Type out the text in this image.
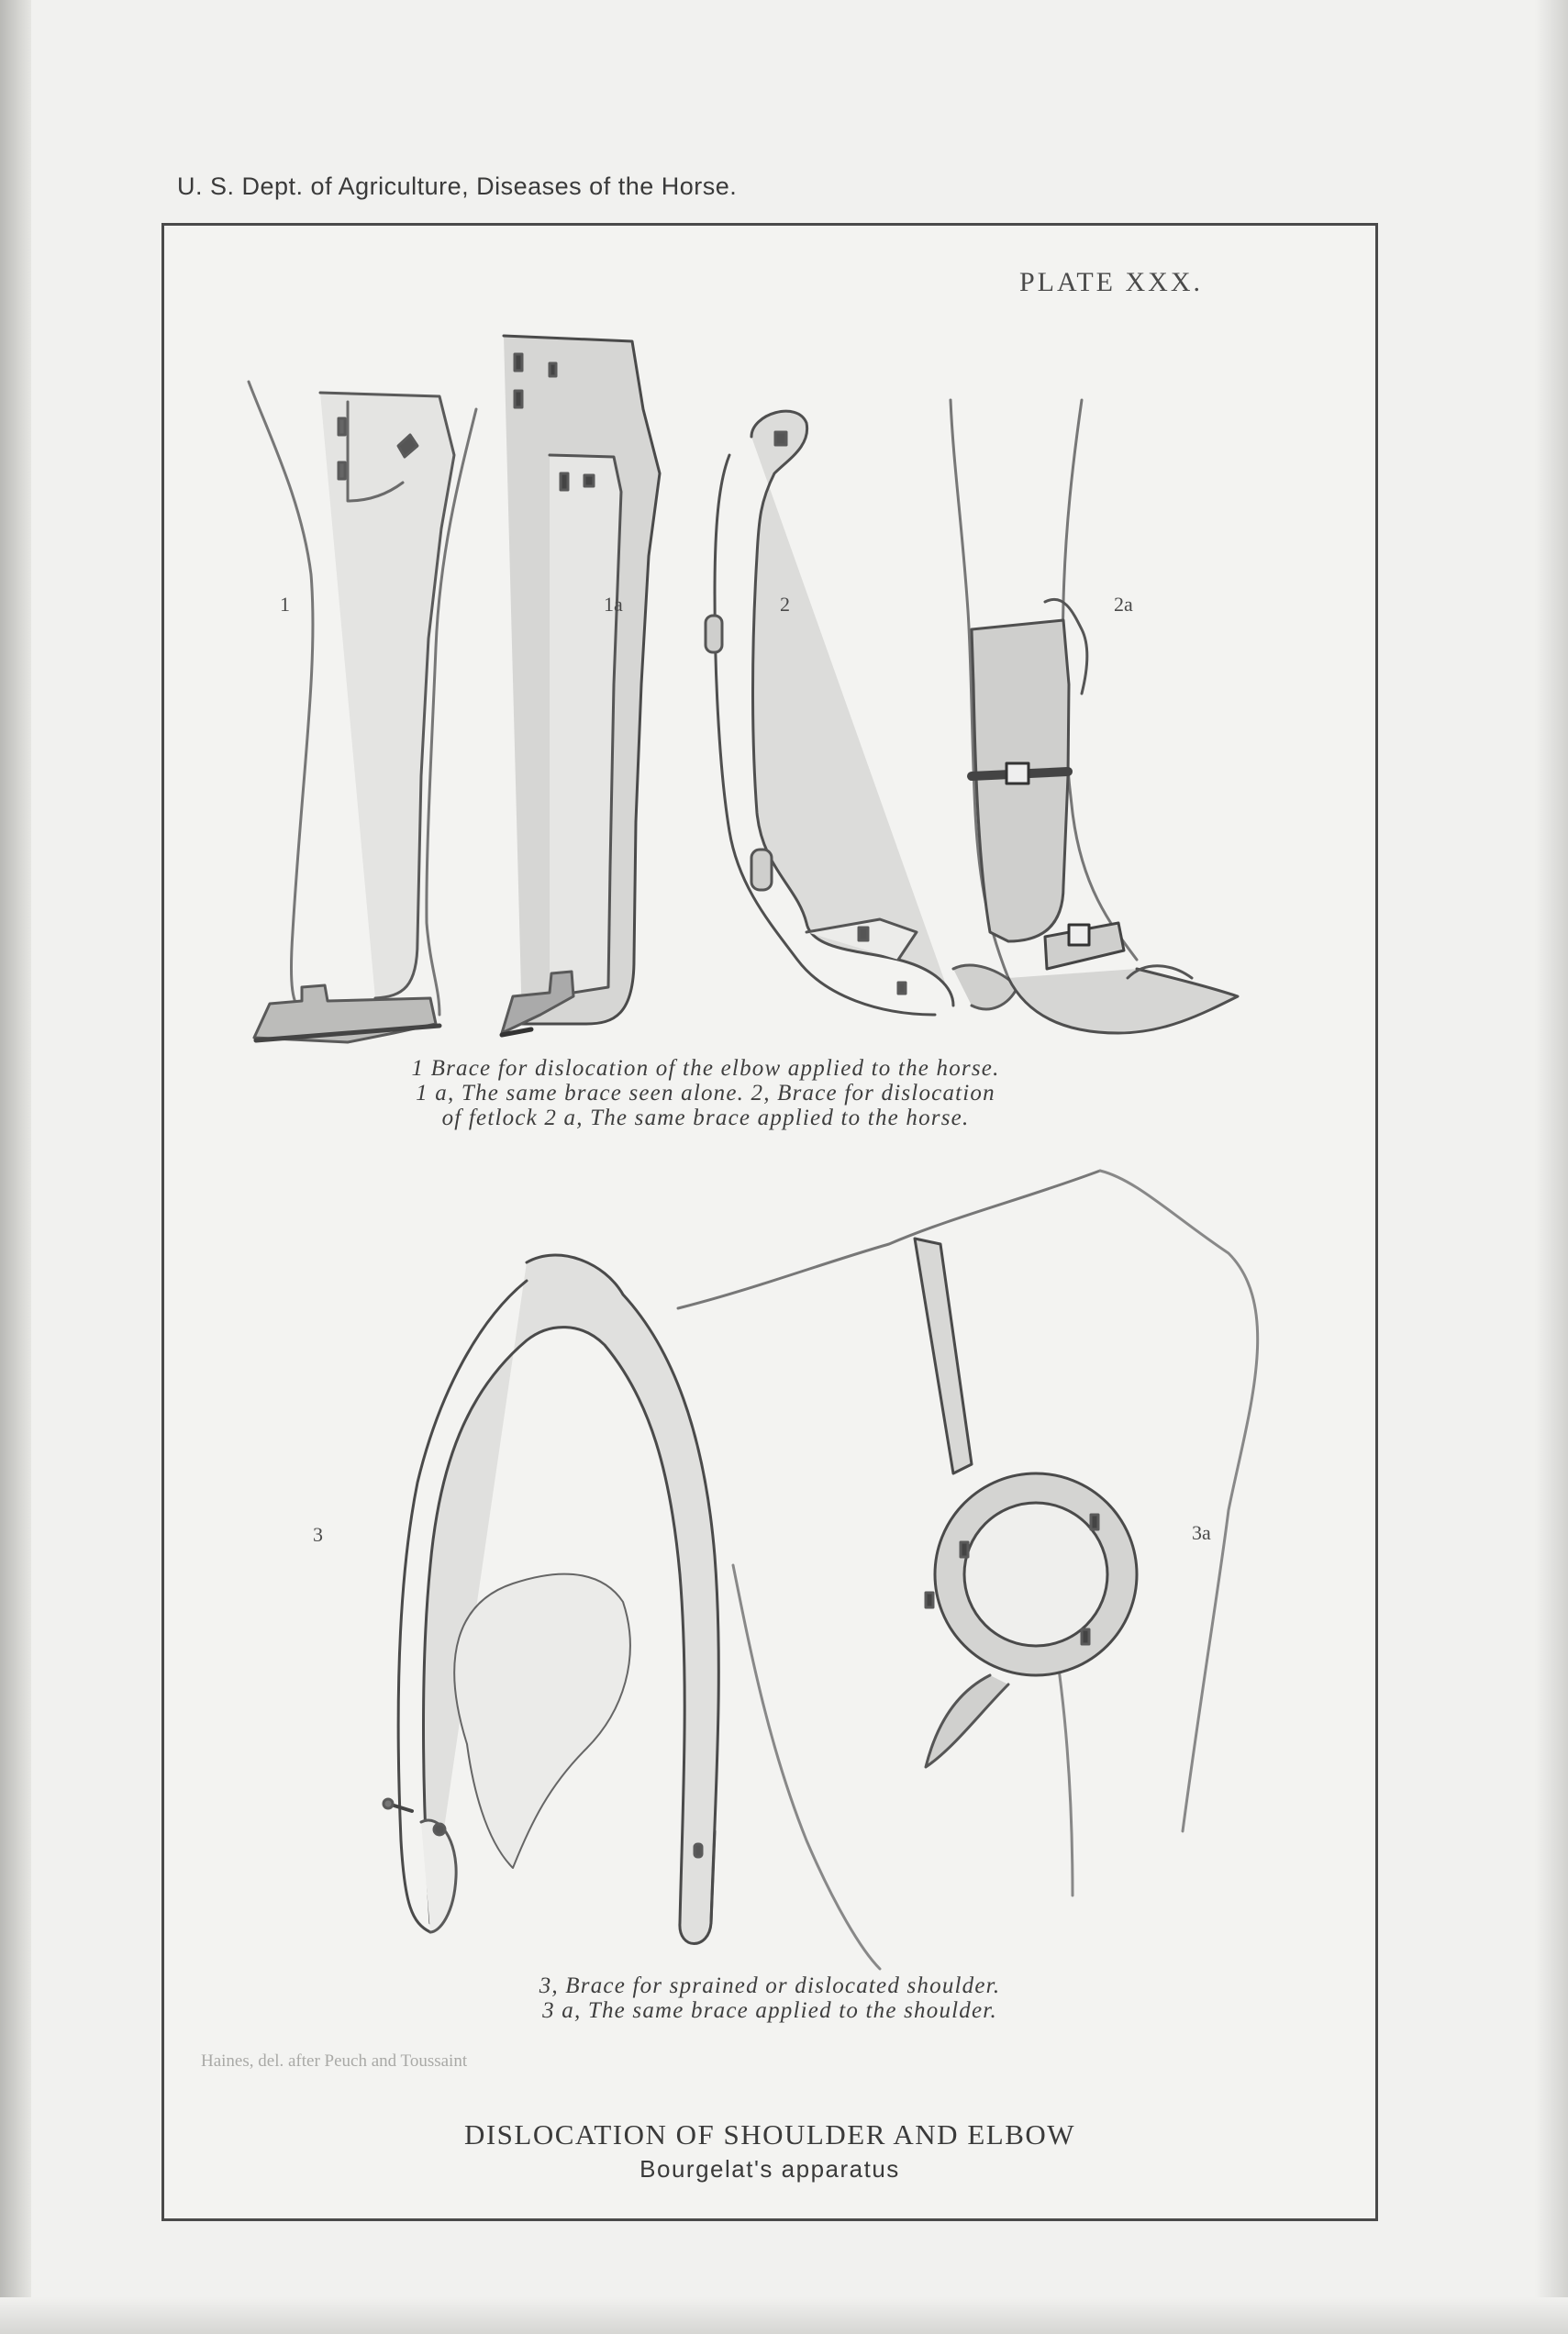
U. S. Dept. of Agriculture, Diseases of the Horse.
PLATE XXX.
1	1a	2	2a
3	3a
1 Brace for dislocation of the elbow applied to the horse.
1 a, The same brace seen alone. 2, Brace for dislocation
of fetlock 2 a, The same brace applied to the horse.
3, Brace for sprained or dislocated shoulder.
3 a, The same brace applied to the shoulder.
Haines, del. after Peuch and Toussaint
DISLOCATION OF SHOULDER AND ELBOW
Bourgelat's apparatus
